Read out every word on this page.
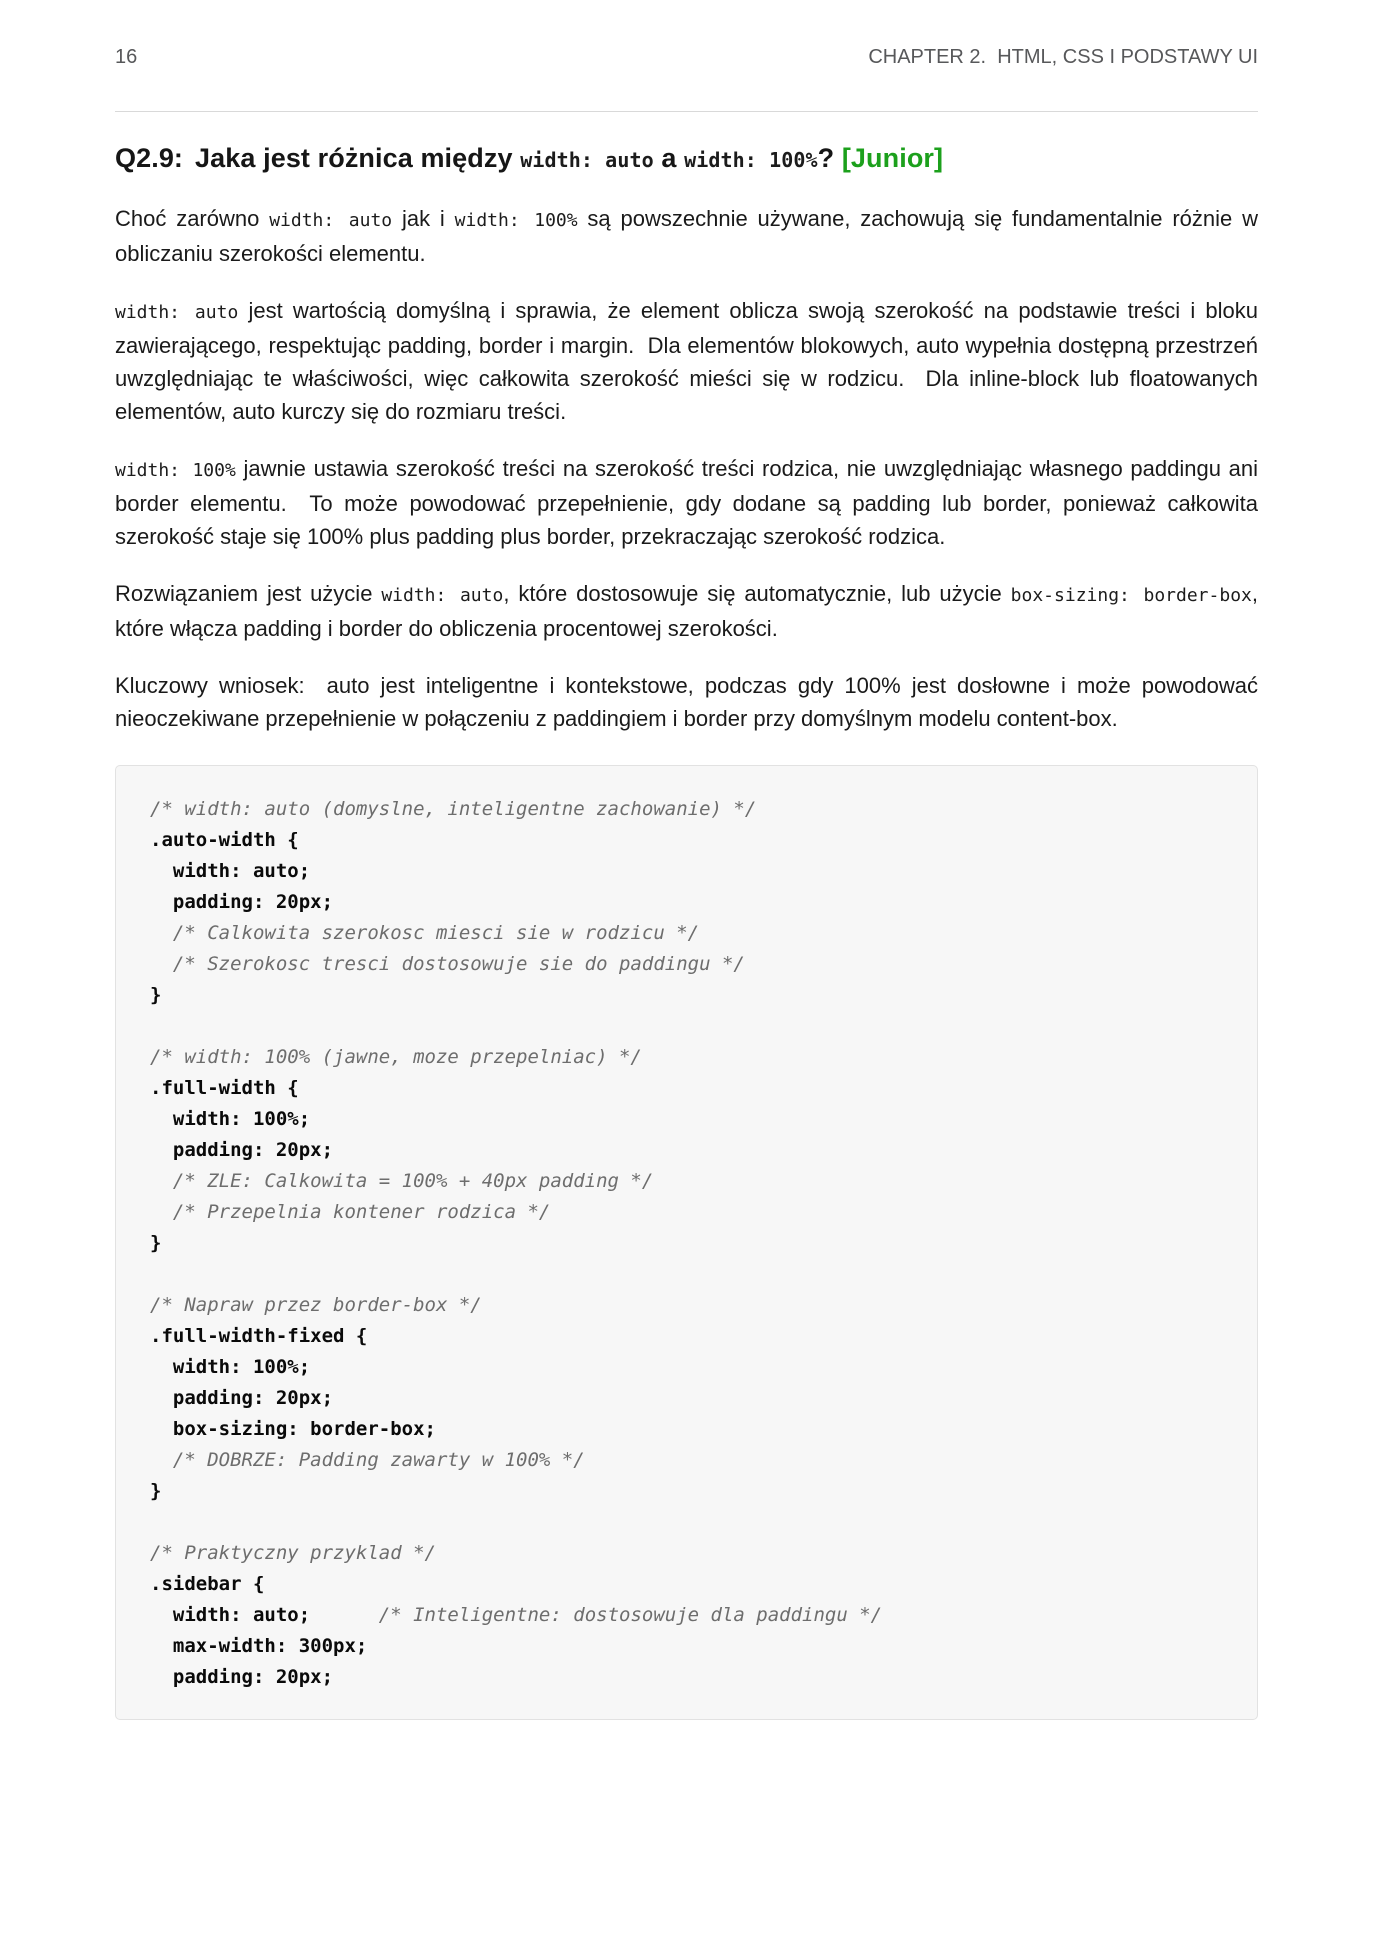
16	CHAPTER 2.  HTML, CSS I PODSTAWY UI
Q2.9: Jaka jest różnica między width: auto a width: 100%? [Junior]

Choć zarówno width: auto jak i width: 100% są powszechnie używane, zachowują się fundamentalnie różnie w obliczaniu szerokości elementu.

width: auto jest wartością domyślną i sprawia, że element oblicza swoją szerokość na podstawie treści i bloku zawierającego, respektując padding, border i margin.  Dla elementów blokowych, auto wypełnia dostępną przestrzeń uwzględniając te właściwości, więc całkowita szerokość mieści się w rodzicu.  Dla inline-block lub floatowanych elementów, auto kurczy się do rozmiaru treści.

width: 100% jawnie ustawia szerokość treści na szerokość treści rodzica, nie uwzględniając własnego paddingu ani border elementu.  To może powodować przepełnienie, gdy dodane są padding lub border, ponieważ całkowita szerokość staje się 100% plus padding plus border, przekraczając szerokość rodzica.

Rozwiązaniem jest użycie width: auto, które dostosowuje się automatycznie, lub użycie box-sizing: border-box, które włącza padding i border do obliczenia procentowej szerokości.

Kluczowy wniosek:  auto jest inteligentne i kontekstowe, podczas gdy 100% jest dosłowne i może powodować nieoczekiwane przepełnienie w połączeniu z paddingiem i border przy domyślnym modelu content-box.

/* width: auto (domyslne, inteligentne zachowanie) */
.auto-width {
width: auto;
padding: 20px;
/* Calkowita szerokosc miesci sie w rodzicu */
/* Szerokosc tresci dostosowuje sie do paddingu */
}

/* width: 100% (jawne, moze przepelniac) */
.full-width {
width: 100%;
padding: 20px;
/* ZLE: Calkowita = 100% + 40px padding */
/* Przepelnia kontener rodzica */
}

/* Napraw przez border-box */
.full-width-fixed {
width: 100%;
padding: 20px;
box-sizing: border-box;
/* DOBRZE: Padding zawarty w 100% */
}

/* Praktyczny przyklad */
.sidebar {
width: auto;      /* Inteligentne: dostosowuje dla paddingu */
max-width: 300px;
padding: 20px;
